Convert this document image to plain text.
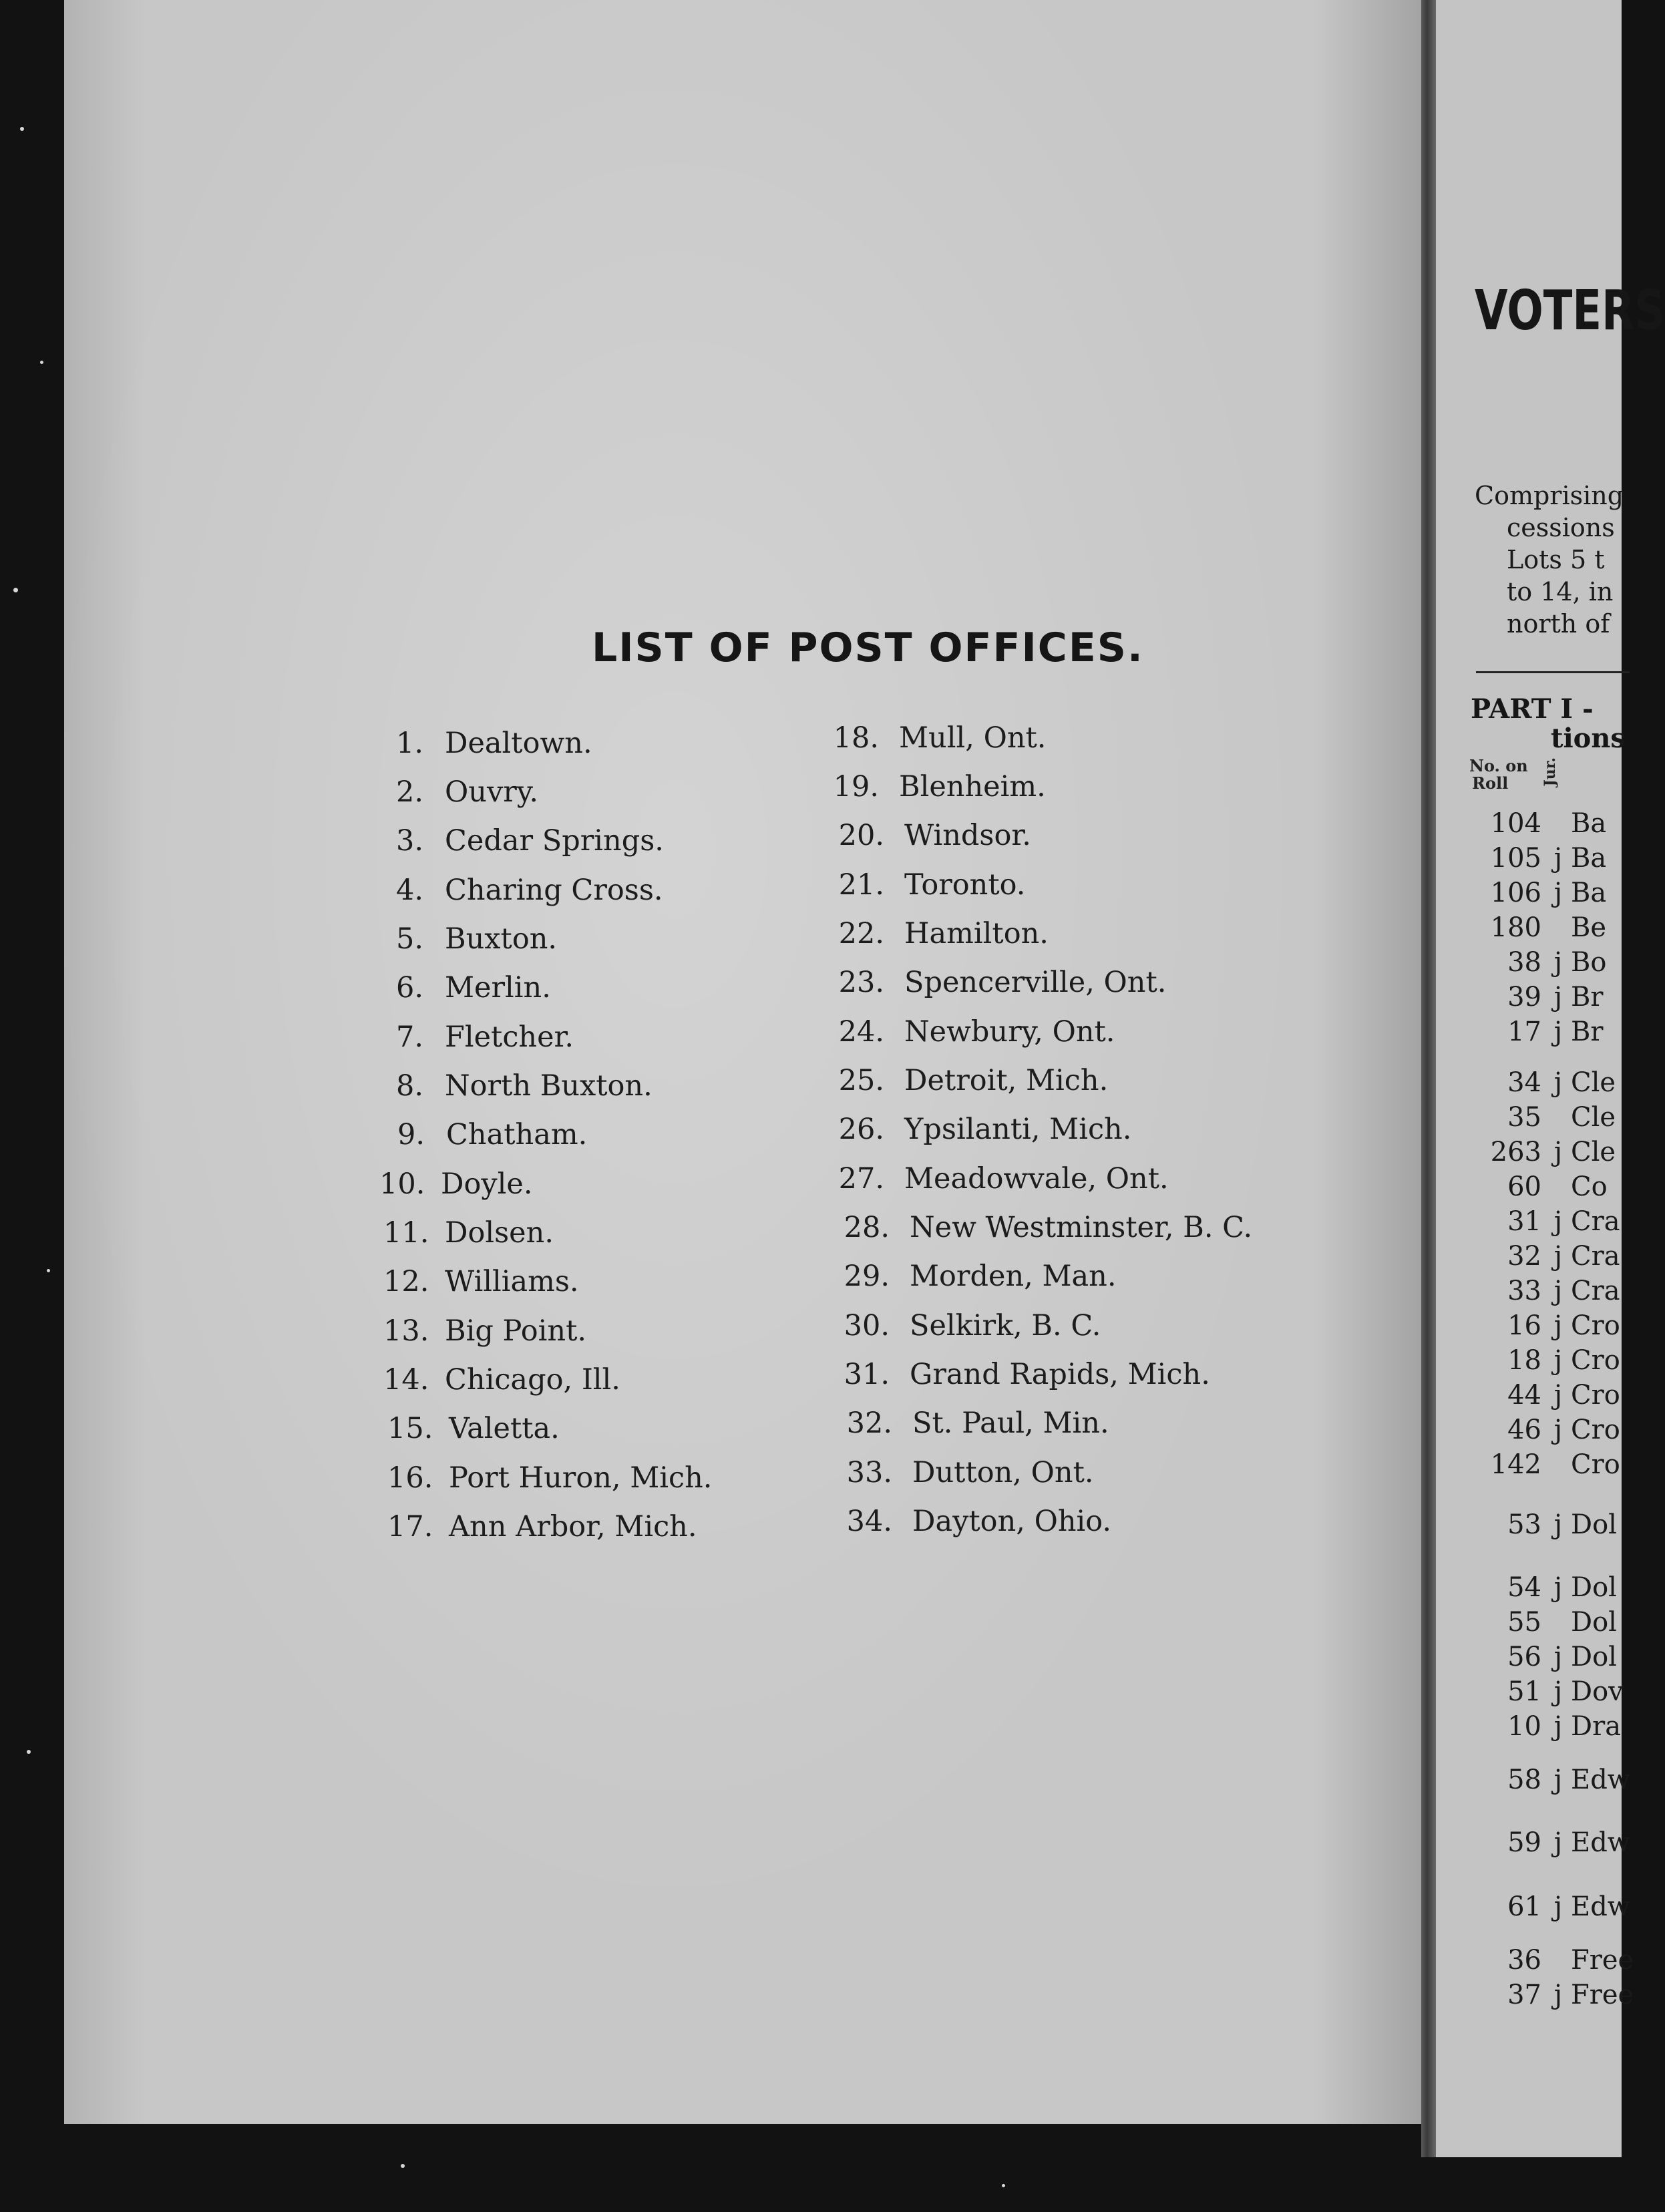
LIST OF POST OFFICES.
1. Dealtown.
2. Ouvry.
3. Cedar Springs.
4. Charing Cross.
5. Buxton.
6. Merlin.
7. Fletcher.
8. North Buxton.
9. Chatham.
10. Doyle.
11. Dolsen.
12. Williams.
13. Big Point.
14. Chicago, Ill.
15. Valetta.
16. Port Huron, Mich.
17. Ann Arbor, Mich.
18. Mull, Ont.
19. Blenheim.
20. Windsor.
21. Toronto.
22. Hamilton.
23. Spencerville, Ont.
24. Newbury, Ont.
25. Detroit, Mich.
26. Ypsilanti, Mich.
27. Meadowvale, Ont.
28. New Westminster, B. C.
29. Morden, Man.
30. Selkirk, B. C.
31. Grand Rapids, Mich.
32. St. Paul, Min.
33. Dutton, Ont.
34. Dayton, Ohio.
VOTERS
Comprising
cessions
Lots 5 t
to 14, in
north of

PART I -
tions

No. on
Roll	Jur.
104 Ba
105 j Ba
106 j Ba
180 Be
38 j Bo
39 j Br
17 j Br
34 j Cle
35 Cle
263 j Cle
60 Co
31 j Cra
32 j Cra
33 j Cra
16 j Cro
18 j Cro
44 j Cro
46 j Cro
142 Cro
53 j Dol
54 j Dol
55 Dol
56 j Dol
51 j Dov
10 j Dra
58 j Edw
59 j Edw
61 j Edw
36 Free
37 j Free
